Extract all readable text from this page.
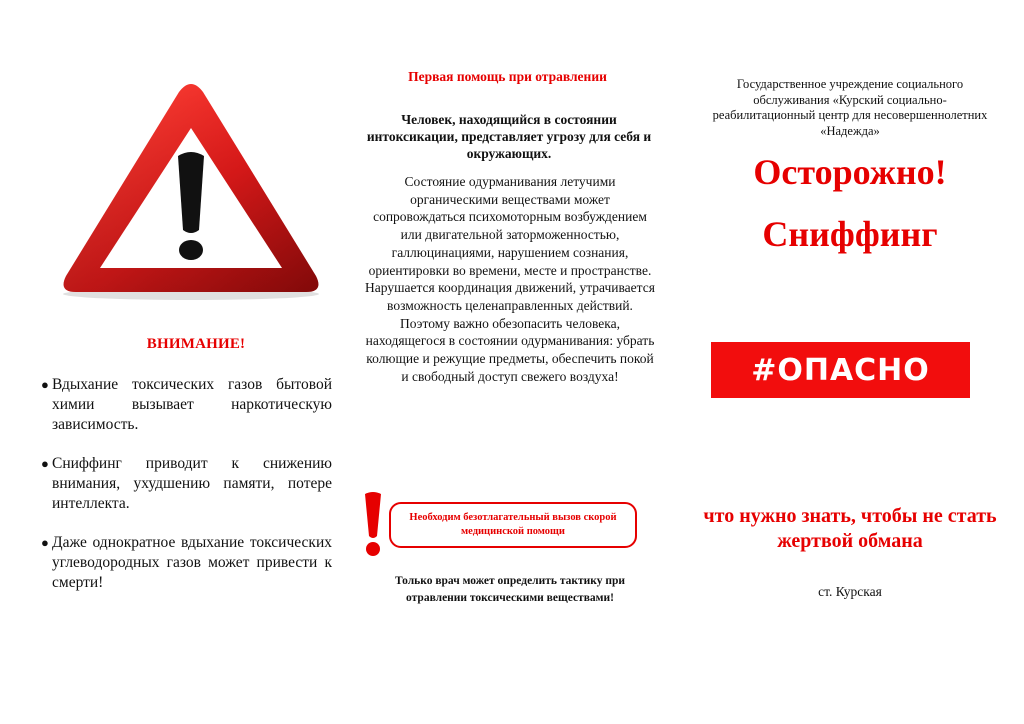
ВНИМАНИЕ!
● Вдыхание токсических газов бытовой химии вызывает наркотическую зависимость.
● Сниффинг приводит к снижению внимания, ухудшению памяти, потере интеллекта.
● Даже однократное вдыхание токсических углеводородных газов может привести к смерти!
Первая помощь при отравлении
Человек, находящийся в состоянии интоксикации, представляет угрозу для себя и окружающих.
Состояние одурманивания летучими органическими веществами может сопровождаться психомоторным возбуждением или двигательной заторможенностью, галлюцинациями, нарушением сознания, ориентировки во времени, месте и пространстве. Нарушается координация движений, утрачивается возможность целенаправленных действий. Поэтому важно обезопасить человека, находящегося в состоянии одурманивания: убрать колющие и режущие предметы, обеспечить покой и свободный доступ свежего воздуха!
Необходим безотлагательный вызов скорой медицинской помощи
Только врач может определить тактику при отравлении токсическими веществами!
Государственное учреждение социального обслуживания «Курский социально-реабилитационный центр для несовершеннолетних «Надежда»
Осторожно!
Сниффинг
#ОПАСНО
что нужно знать, чтобы не стать жертвой обмана
ст. Курская
